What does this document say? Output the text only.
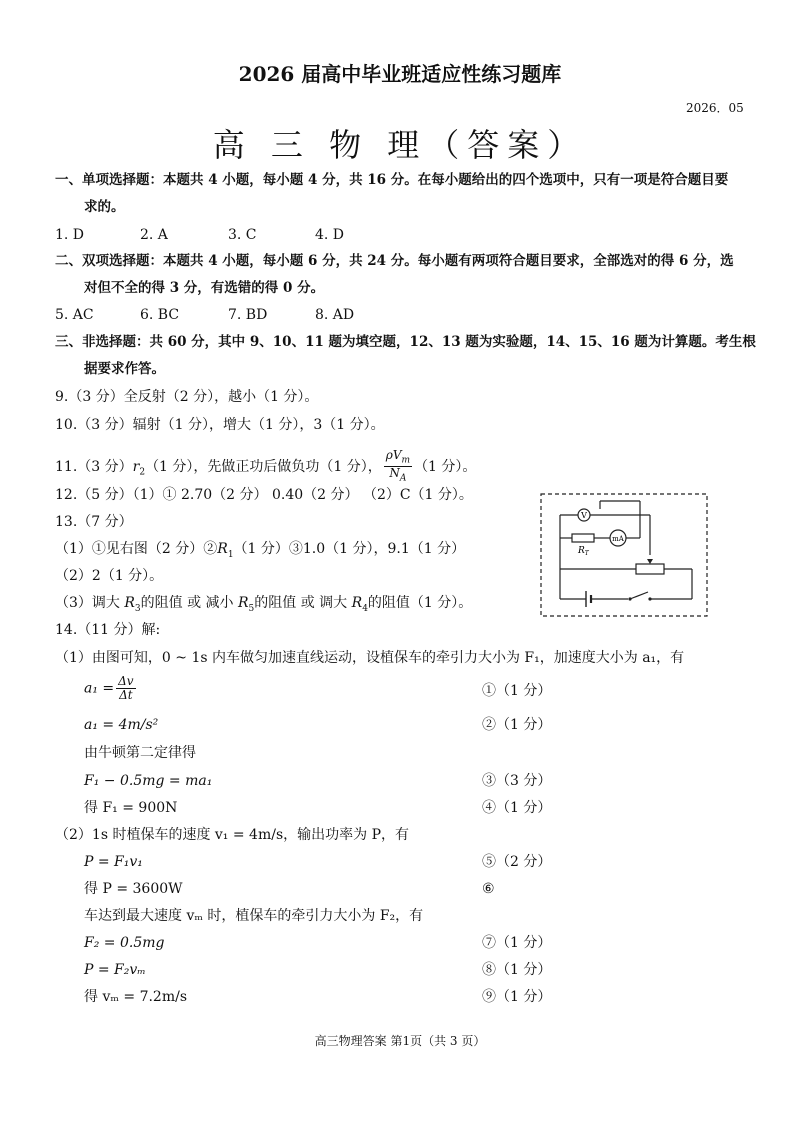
2026 届高中毕业班适应性练习题库
2026．05
高 三 物 理（答案）
一、单项选择题：本题共 4 小题，每小题 4 分，共 16 分。在每小题给出的四个选项中，只有一项是符合题目要
求的。
1. D	2. A	3. C	4. D
二、双项选择题：本题共 4 小题，每小题 6 分，共 24 分。每小题有两项符合题目要求，全部选对的得 6 分，选
对但不全的得 3 分，有选错的得 0 分。
5. AC	6. BC	7. BD	8. AD
三、非选择题：共 60 分，其中 9、10、11 题为填空题，12、13 题为实验题，14、15、16 题为计算题。考生根
据要求作答。
9.（3 分）全反射（2 分），越小（1 分）。
10.（3 分）辐射（1 分），增大（1 分），3（1 分）。
11.（3 分）$r_2(1$ 分），先做正功后做负功（1 分）， $\frac{\rho V_m}{N_A} (1$ 分）。
12.（5 分）（1）① 2.70（2 分） 0.40（2 分） （2）C（1 分）。
13.（7 分）
（1）①见右图（2 分）$②R_1(1$ 分）③1.0（1 分），9.1（1 分）
（2）2（1 分）。
（3）调大 $R_3$的阻值 或 减小 $R_5$的阻值 或 调大 $R_4$的阻值（1 分）。
V
mA
$R_T$
14.（11 分）解:
（1）由图可知，0 ~ 1s 内车做匀加速直线运动，设植保车的牵引力大小为 F₁，加速度大小为 a₁，有
$a_1 = \frac{\Delta v}{\Delta t}$	①（1 分）
a₁ = 4m/s²	②（1 分）
由牛顿第二定律得
F₁ − 0.5mg = ma₁	③（3 分）
得 F₁ = 900N	④（1 分）
（2）1s 时植保车的速度 v₁ = 4m/s，输出功率为 P，有
P = F₁v₁	⑤（2 分）
得 P = 3600W	⑥
车达到最大速度 vₘ 时，植保车的牵引力大小为 F₂，有
F₂ = 0.5mg	⑦（1 分）
P = F₂vₘ	⑧（1 分）
得 vₘ = 7.2m/s	⑨（1 分）
高三物理答案 第1页（共 3 页）
